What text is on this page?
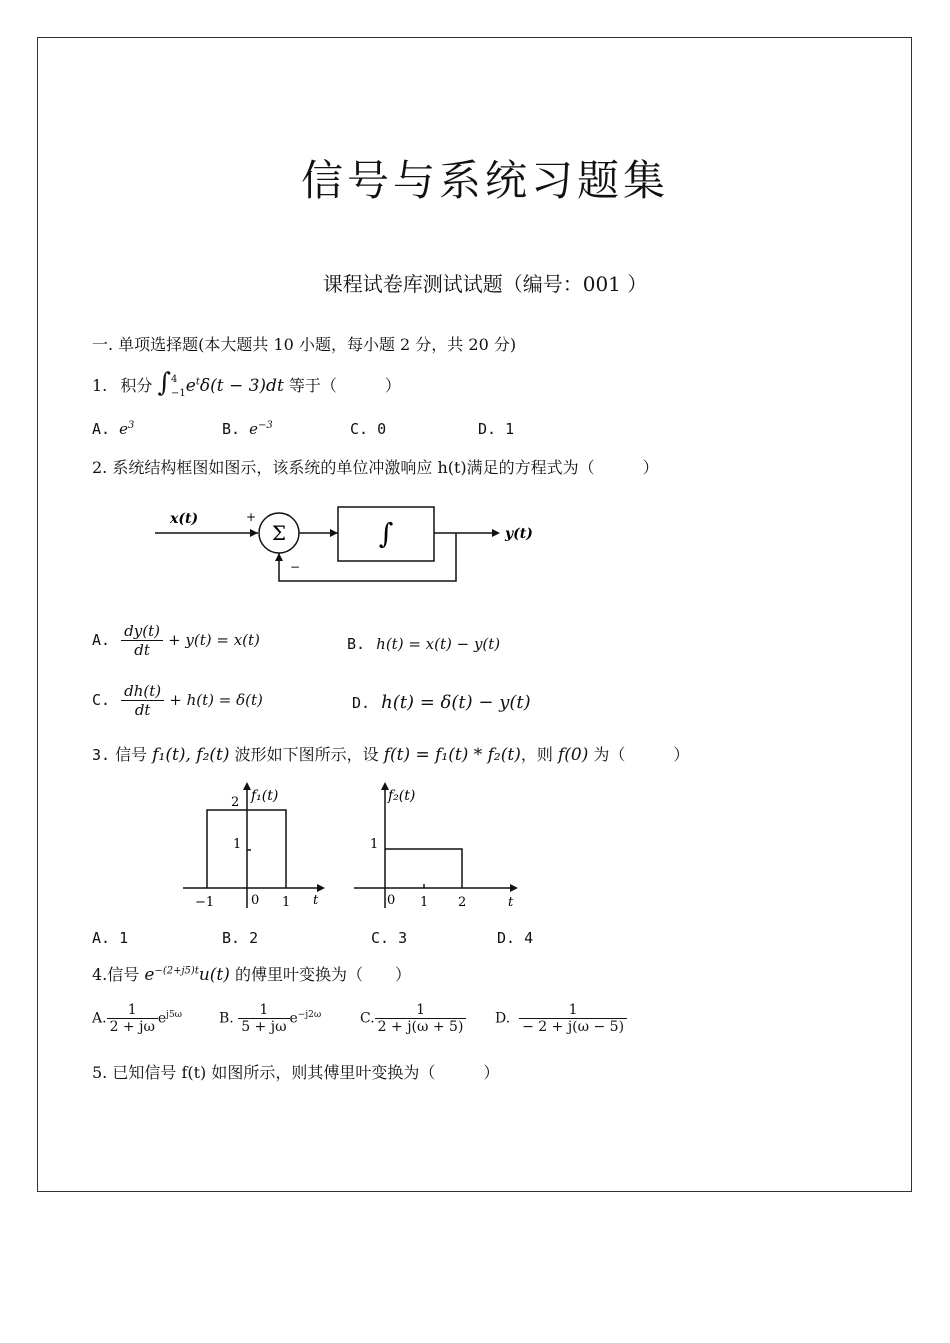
信号与系统习题集
课程试卷库测试试题（编号：001 ）
一. 单项选择题(本大题共 10 小题，每小题 2 分，共 20 分)
1. 积分 ∫ 4
−1 $e^t\delta(t - 3)dt$ 等于（　　　）
A. $e^3$	B. $e^{-3}$	C. 0	D. 1
2. 系统结构框图如图示，该系统的单位冲激响应 h(t)满足的方程式为（　　　）
x(t)	+
Σ	∫	y(t)
−
A. $\frac{dy(t)}{dt} + y(t) = x(t)$	B. h(t) = x(t) − y(t)
C. $\frac{dh(t)}{dt} + h(t) = \delta(t)$	D. h(t) = δ(t) − y(t)
3. 信号 f₁(t), f₂(t) 波形如下图所示，设 f(t) = f₁(t) * f₂(t)，则 f(0) 为（　　　）
f₁(t)
2
1
−1	0 1 t
f₂(t)
1
0 1 2	t
A. 1	B. 2	C. 3	D. 4
4.信号 $e^{-(2+j5)t}u(t)$ 的傅里叶变换为（　　）
A. $\frac{1}{2 + j\omega} e^{j5\omega}$	B. $\frac{1}{5 + j\omega} e^{-j2\omega}$	C. $\frac{1}{2 + j(\omega + 5)} D$. $\frac{1}{- 2 + j(\omega - 5)}$
5. 已知信号 f(t) 如图所示，则其傅里叶变换为（　　　）
